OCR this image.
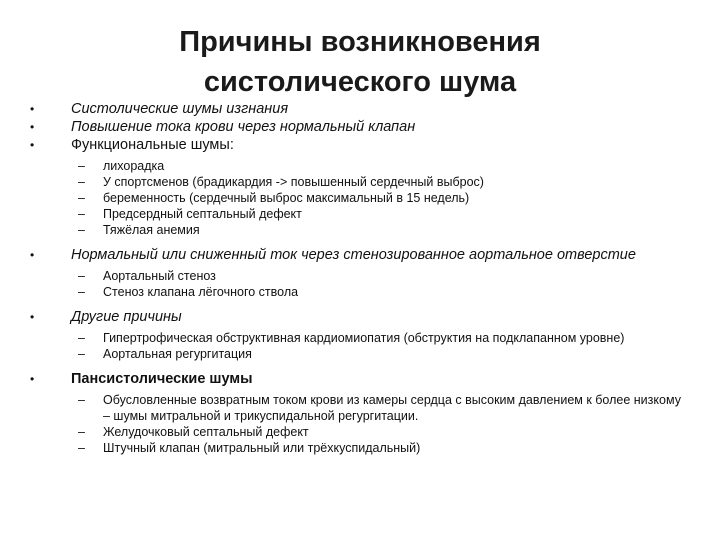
Причины возникновения
систолического шума
•	Систолические шумы изгнания
•	Повышение тока крови через нормальный клапан
•	Функциональные шумы:
– лихорадка
– У спортсменов (брадикардия -> повышенный сердечный выброс)
– беременность (сердечный выброс максимальный в 15 недель)
– Предсердный септальный дефект
– Тяжёлая анемия
•	Нормальный или сниженный ток через стенозированное аортальное отверстие
– Аортальный стеноз
– Стеноз клапана лёгочного ствола
•	Другие причины
– Гипертрофическая обструктивная кардиомиопатия (обструктия на подклапанном уровне)
– Аортальная регургитация
•	Пансистолические шумы
– Обусловленные возвратным током крови из камеры сердца с высоким давлением к более низкому – шумы митральной и трикуспидальной регургитации.
– Желудочковый септальный дефект
– Штучный клапан (митральный или трёхкуспидальный)
